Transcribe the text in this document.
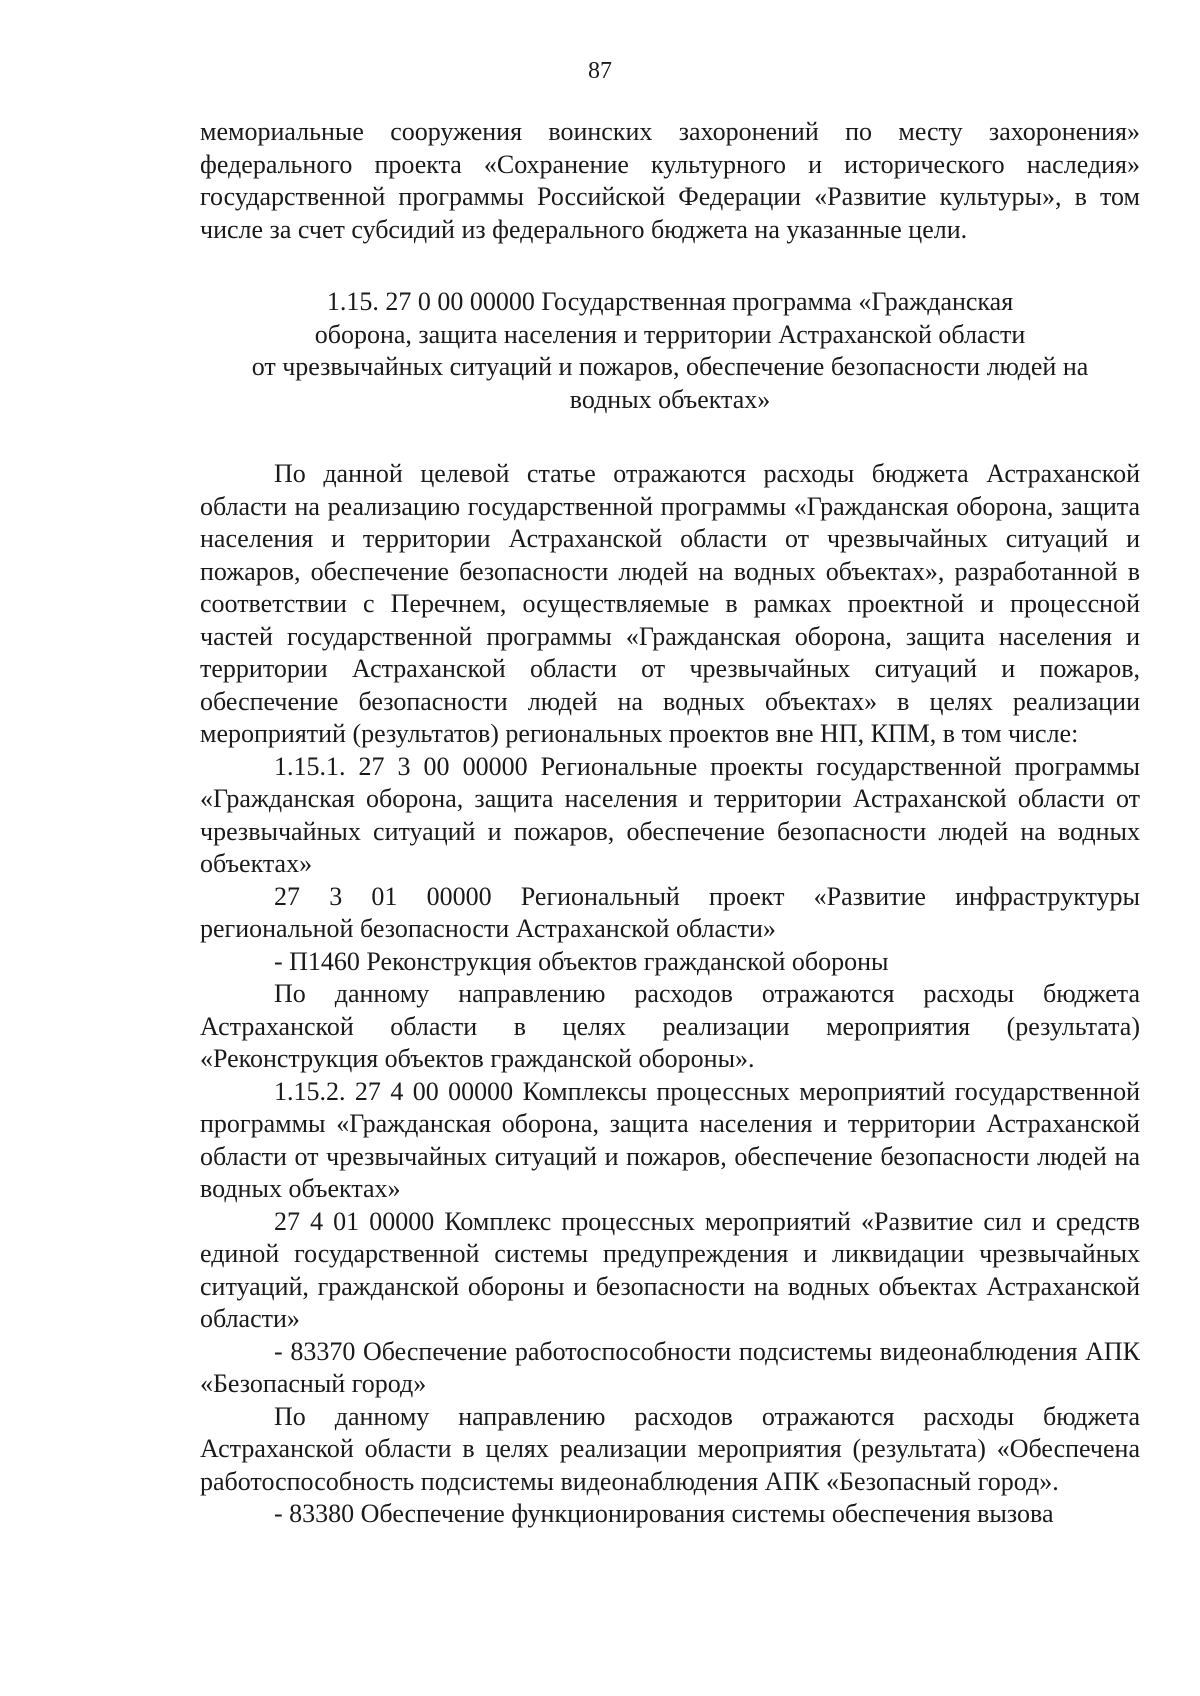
87

мемориальные сооружения воинских захоронений по месту захоронения» федерального проекта «Сохранение культурного и исторического наследия» государственной программы Российской Федерации «Развитие культуры», в том числе за счет субсидий из федерального бюджета на указанные цели.

1.15. 27 0 00 00000 Государственная программа «Гражданская
оборона, защита населения и территории Астраханской области
от чрезвычайных ситуаций и пожаров, обеспечение безопасности людей на
водных объектах»

По данной целевой статье отражаются расходы бюджета Астраханской области на реализацию государственной программы «Гражданская оборона, защита населения и территории Астраханской области от чрезвычайных ситуаций и пожаров, обеспечение безопасности людей на водных объектах», разработанной в соответствии с Перечнем, осуществляемые в рамках проектной и процессной частей государственной программы «Гражданская оборона, защита населения и территории Астраханской области от чрезвычайных ситуаций и пожаров, обеспечение безопасности людей на водных объектах» в целях реализации мероприятий (результатов) региональных проектов вне НП, КПМ, в том числе:

1.15.1. 27 3 00 00000 Региональные проекты государственной программы «Гражданская оборона, защита населения и территории Астраханской области от чрезвычайных ситуаций и пожаров, обеспечение безопасности людей на водных объектах»

27 3 01 00000 Региональный проект «Развитие инфраструктуры региональной безопасности Астраханской области»

- П1460 Реконструкция объектов гражданской обороны

По данному направлению расходов отражаются расходы бюджета Астраханской области в целях реализации мероприятия (результата) «Реконструкция объектов гражданской обороны».

1.15.2. 27 4 00 00000 Комплексы процессных мероприятий государственной программы «Гражданская оборона, защита населения и территории Астраханской области от чрезвычайных ситуаций и пожаров, обеспечение безопасности людей на водных объектах»

27 4 01 00000 Комплекс процессных мероприятий «Развитие сил и средств единой государственной системы предупреждения и ликвидации чрезвычайных ситуаций, гражданской обороны и безопасности на водных объектах Астраханской области»

- 83370 Обеспечение работоспособности подсистемы видеонаблюдения АПК «Безопасный город»

По данному направлению расходов отражаются расходы бюджета Астраханской области в целях реализации мероприятия (результата) «Обеспечена работоспособность подсистемы видеонаблюдения АПК «Безопасный город».

- 83380 Обеспечение функционирования системы обеспечения вызова
